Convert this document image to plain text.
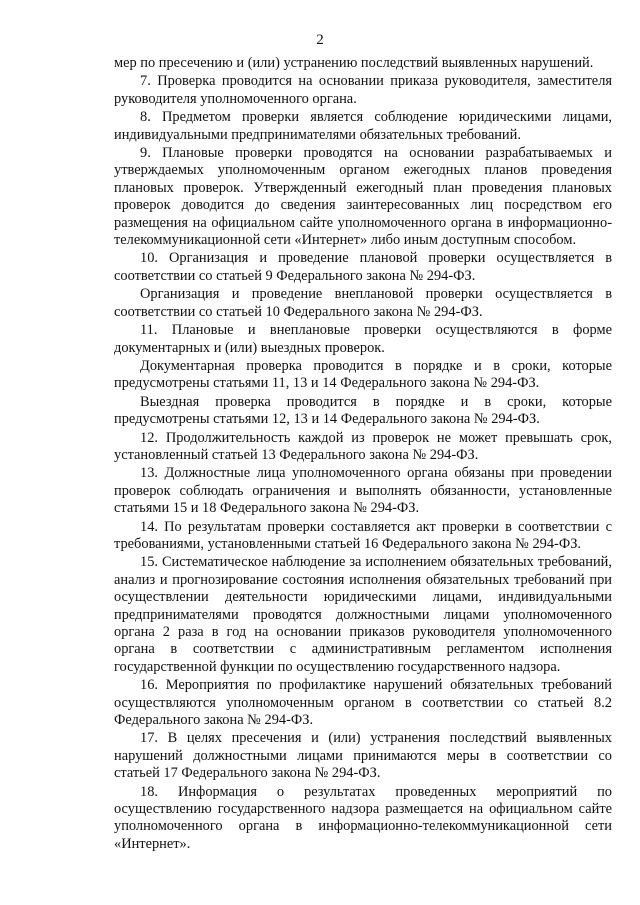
2

мер по пресечению и (или) устранению последствий выявленных нарушений.

7. Проверка проводится на основании приказа руководителя, заместителя руководителя уполномоченного органа.

8. Предметом проверки является соблюдение юридическими лицами, индивидуальными предпринимателями обязательных требований.

9. Плановые проверки проводятся на основании разрабатываемых и утверждаемых уполномоченным органом ежегодных планов проведения плановых проверок. Утвержденный ежегодный план проведения плановых проверок доводится до сведения заинтересованных лиц посредством его размещения на официальном сайте уполномоченного органа в информационно-телекоммуникационной сети «Интернет» либо иным доступным способом.

10. Организация и проведение плановой проверки осуществляется в соответствии со статьей 9 Федерального закона № 294-ФЗ.

Организация и проведение внеплановой проверки осуществляется в соответствии со статьей 10 Федерального закона № 294-ФЗ.

11. Плановые и внеплановые проверки осуществляются в форме документарных и (или) выездных проверок.

Документарная проверка проводится в порядке и в сроки, которые предусмотрены статьями 11, 13 и 14 Федерального закона № 294-ФЗ.

Выездная проверка проводится в порядке и в сроки, которые предусмотрены статьями 12, 13 и 14 Федерального закона № 294-ФЗ.

12. Продолжительность каждой из проверок не может превышать срок, установленный статьей 13 Федерального закона № 294-ФЗ.

13. Должностные лица уполномоченного органа обязаны при проведении проверок соблюдать ограничения и выполнять обязанности, установленные статьями 15 и 18 Федерального закона № 294-ФЗ.

14. По результатам проверки составляется акт проверки в соответствии с требованиями, установленными статьей 16 Федерального закона № 294-ФЗ.

15. Систематическое наблюдение за исполнением обязательных требований, анализ и прогнозирование состояния исполнения обязательных требований при осуществлении деятельности юридическими лицами, индивидуальными предпринимателями проводятся должностными лицами уполномоченного органа 2 раза в год на основании приказов руководителя уполномоченного органа в соответствии с административным регламентом исполнения государственной функции по осуществлению государственного надзора.

16. Мероприятия по профилактике нарушений обязательных требований осуществляются уполномоченным органом в соответствии со статьей 8.2 Федерального закона № 294-ФЗ.

17. В целях пресечения и (или) устранения последствий выявленных нарушений должностными лицами принимаются меры в соответствии со статьей 17 Федерального закона № 294-ФЗ.

18. Информация о результатах проведенных мероприятий по осуществлению государственного надзора размещается на официальном сайте уполномоченного органа в информационно-телекоммуникационной сети «Интернет».
